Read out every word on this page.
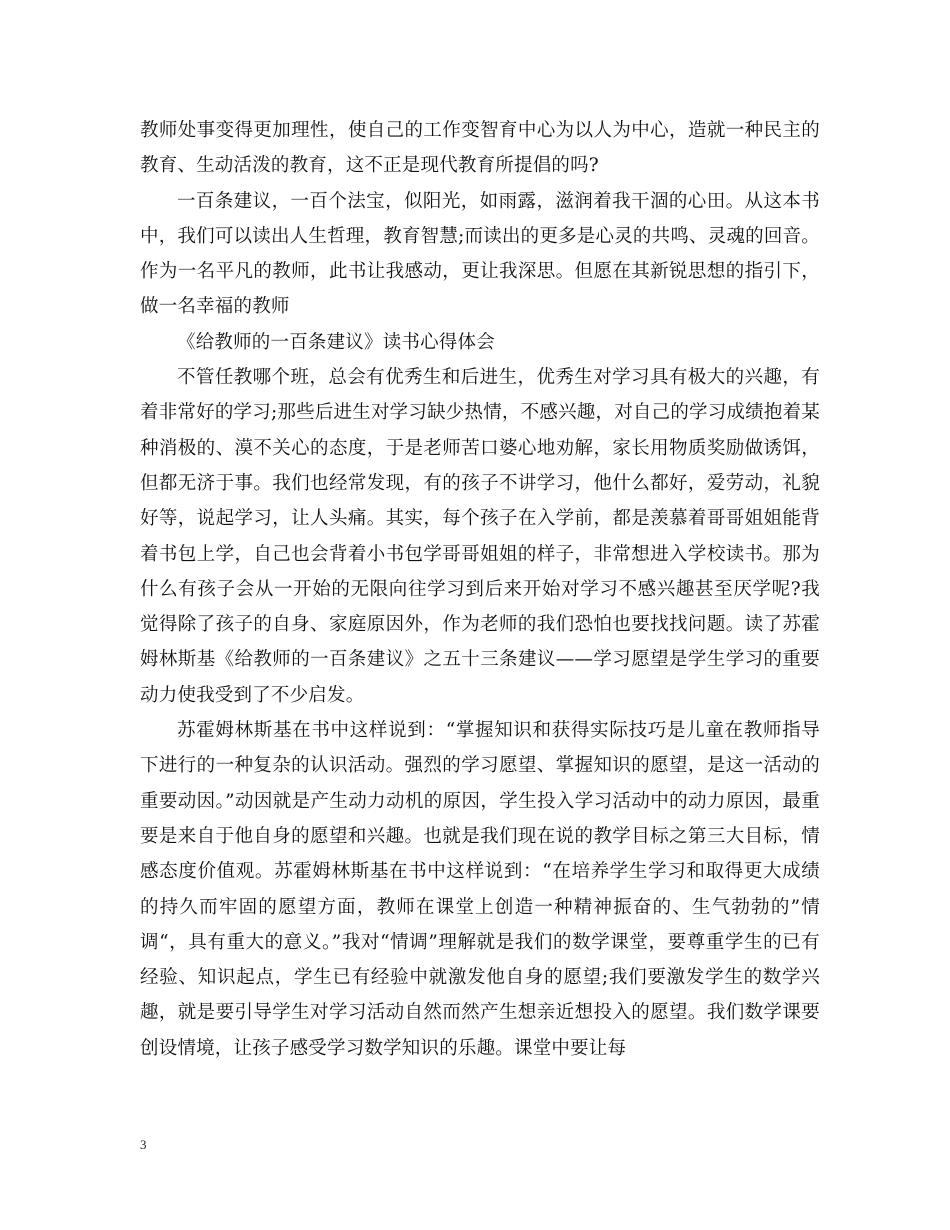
教师处事变得更加理性，使自己的工作变智育中心为以人为中心，造就一种民主的教育、生动活泼的教育，这不正是现代教育所提倡的吗?

一百条建议，一百个法宝，似阳光，如雨露，滋润着我干涸的心田。从这本书中，我们可以读出人生哲理，教育智慧;而读出的更多是心灵的共鸣、灵魂的回音。作为一名平凡的教师，此书让我感动，更让我深思。但愿在其新锐思想的指引下，做一名幸福的教师

《给教师的一百条建议》读书心得体会

不管任教哪个班，总会有优秀生和后进生，优秀生对学习具有极大的兴趣，有着非常好的学习;那些后进生对学习缺少热情，不感兴趣，对自己的学习成绩抱着某种消极的、漠不关心的态度，于是老师苦口婆心地劝解，家长用物质奖励做诱饵，但都无济于事。我们也经常发现，有的孩子不讲学习，他什么都好，爱劳动，礼貌好等，说起学习，让人头痛。其实，每个孩子在入学前，都是羡慕着哥哥姐姐能背着书包上学，自己也会背着小书包学哥哥姐姐的样子，非常想进入学校读书。那为什么有孩子会从一开始的无限向往学习到后来开始对学习不感兴趣甚至厌学呢?我觉得除了孩子的自身、家庭原因外，作为老师的我们恐怕也要找找问题。读了苏霍姆林斯基《给教师的一百条建议》之五十三条建议——学习愿望是学生学习的重要动力使我受到了不少启发。

苏霍姆林斯基在书中这样说到：“掌握知识和获得实际技巧是儿童在教师指导下进行的一种复杂的认识活动。强烈的学习愿望、掌握知识的愿望，是这一活动的重要动因。”动因就是产生动力动机的原因，学生投入学习活动中的动力原因，最重要是来自于他自身的愿望和兴趣。也就是我们现在说的教学目标之第三大目标，情感态度价值观。苏霍姆林斯基在书中这样说到：“在培养学生学习和取得更大成绩的持久而牢固的愿望方面，教师在课堂上创造一种精神振奋的、生气勃勃的”情调“，具有重大的意义。”我对“情调”理解就是我们的数学课堂，要尊重学生的已有经验、知识起点，学生已有经验中就激发他自身的愿望;我们要激发学生的数学兴趣，就是要引导学生对学习活动自然而然产生想亲近想投入的愿望。我们数学课要创设情境，让孩子感受学习数学知识的乐趣。课堂中要让每

3
